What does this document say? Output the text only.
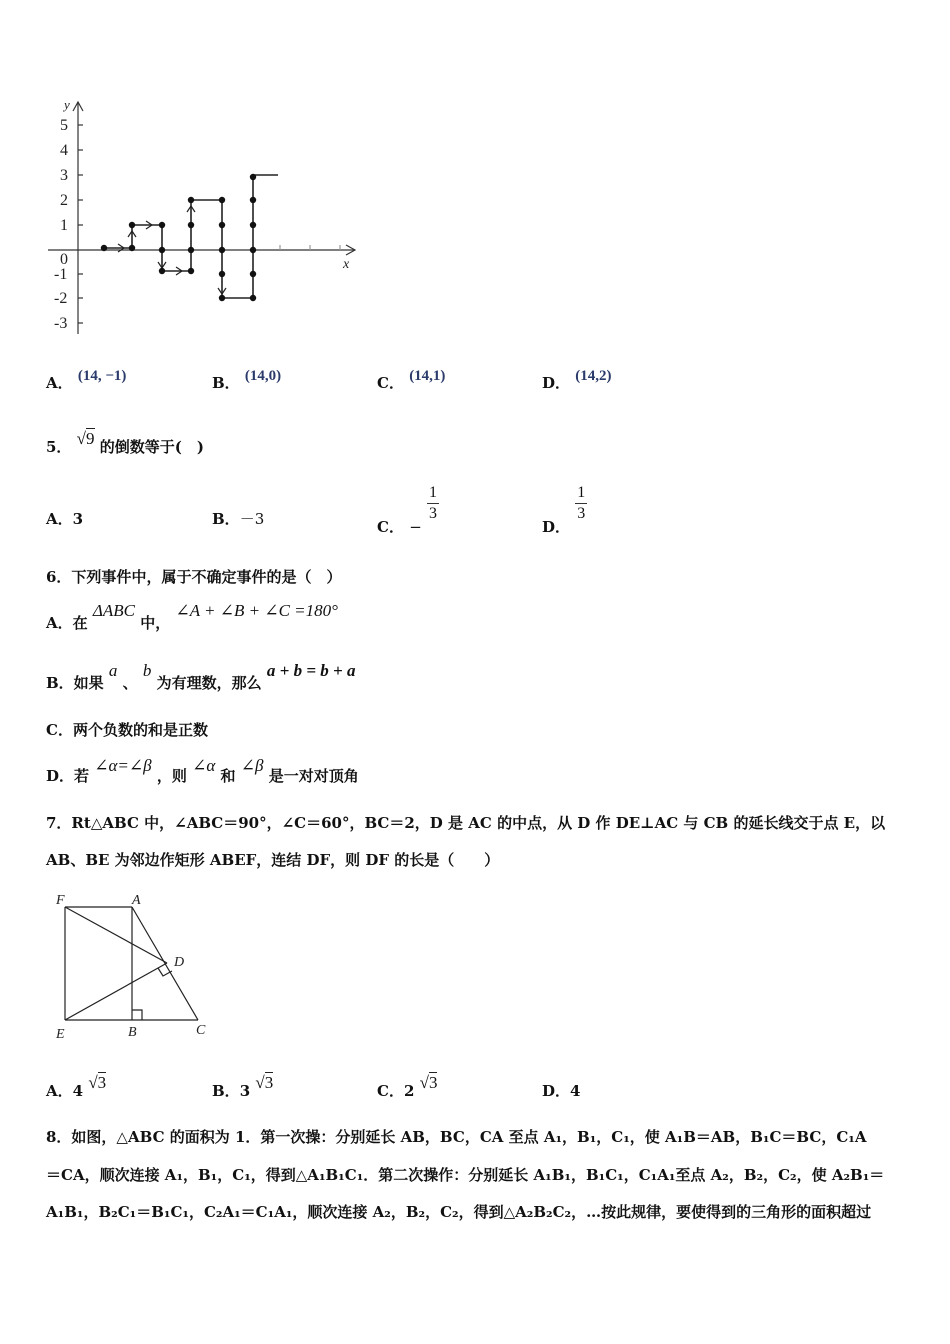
y
x
0
5
4
3
2
1
-1
-2
-3
A． (14, −1)	B． (14,0)	C． (14,1)	D． (14,2)
5． √9 的倒数等于(　)
A．3	B．－3	C． −
$\frac{1}{3}$
D．
$\frac{1}{3}$
6．下列事件中，属于不确定事件的是（　）
A．在 ΔABC 中， ∠A + ∠B + ∠C =180°
B．如果 a 、 b 为有理数，那么 a + b = b + a
C．两个负数的和是正数
D．若 ∠α=∠β ，则 ∠α 和 ∠β 是一对对顶角
7．Rt△ABC 中，∠ABC＝90°，∠C＝60°，BC＝2，D 是 AC 的中点，从 D 作 DE⊥AC 与 CB 的延长线交于点 E，以
AB、BE 为邻边作矩形 ABEF，连结 DF，则 DF 的长是（　　）
F	A
D
E	B	C
A．4 √3	B．3 √3	C．2 √3	D．4
8．如图，△ABC 的面积为 1．第一次操：分别延长 AB，BC，CA 至点 A₁，B₁，C₁，使 A₁B＝AB，B₁C＝BC，C₁A
＝CA，顺次连接 A₁，B₁，C₁，得到△A₁B₁C₁．第二次操作：分别延长 A₁B₁，B₁C₁，C₁A₁至点 A₂，B₂，C₂，使 A₂B₁＝
A₁B₁，B₂C₁＝B₁C₁，C₂A₁＝C₁A₁，顺次连接 A₂，B₂，C₂，得到△A₂B₂C₂，…按此规律，要使得到的三角形的面积超过
